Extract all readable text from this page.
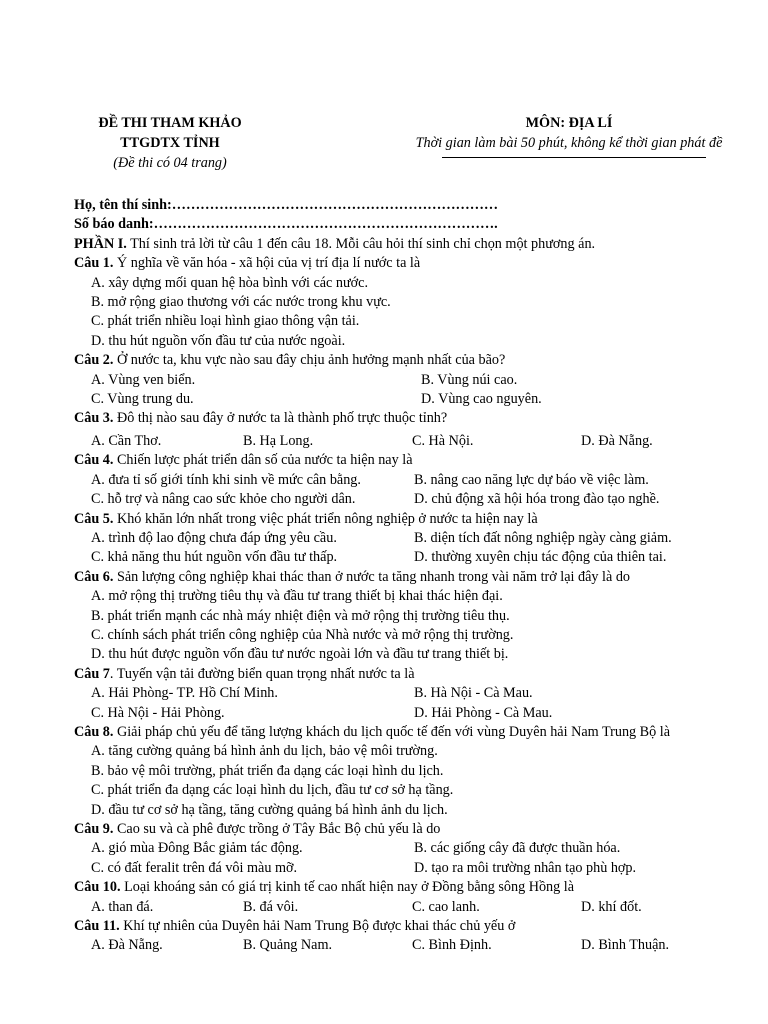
ĐỀ THI THAM KHẢO
TTGDTX TỈNH
(Đề thi có 04 trang)
MÔN: ĐỊA LÍ
Thời gian làm bài 50 phút, không kể thời gian phát đề
Họ, tên thí sinh:……………………………………………………………
Số báo danh:……………………………………………………………….
PHẦN I. Thí sinh trả lời từ câu 1 đến câu 18. Mỗi câu hỏi thí sinh chỉ chọn một phương án.
Câu 1. Ý nghĩa về văn hóa - xã hội của vị trí địa lí nước ta là
A. xây dựng mối quan hệ hòa bình với các nước.
B. mở rộng giao thương với các nước trong khu vực.
C. phát triển nhiều loại hình giao thông vận tải.
D. thu hút nguồn vốn đầu tư của nước ngoài.
Câu 2. Ở nước ta, khu vực nào sau đây chịu ảnh hưởng mạnh nhất của bão?
A. Vùng ven biển.	B. Vùng núi cao.
C. Vùng trung du.	D. Vùng cao nguyên.
Câu 3. Đô thị nào sau đây ở nước ta là thành phố trực thuộc tỉnh?
A. Cần Thơ.	B. Hạ Long.	C. Hà Nội.	D. Đà Nẵng.
Câu 4. Chiến lược phát triển dân số của nước ta hiện nay là
A. đưa tỉ số giới tính khi sinh về mức cân bằng.	B. nâng cao năng lực dự báo về việc làm.
C. hỗ trợ và nâng cao sức khỏe cho người dân.	D. chủ động xã hội hóa trong đào tạo nghề.
Câu 5. Khó khăn lớn nhất trong việc phát triển nông nghiệp ở nước ta hiện nay là
A. trình độ lao động chưa đáp ứng yêu cầu.	B. diện tích đất nông nghiệp ngày càng giảm.
C. khả năng thu hút nguồn vốn đầu tư thấp.	D. thường xuyên chịu tác động của thiên tai.
Câu 6. Sản lượng công nghiệp khai thác than ở nước ta tăng nhanh trong vài năm trở lại đây là do
A. mở rộng thị trường tiêu thụ và đầu tư trang thiết bị khai thác hiện đại.
B. phát triển mạnh các nhà máy nhiệt điện và mở rộng thị trường tiêu thụ.
C. chính sách phát triển công nghiệp của Nhà nước và mở rộng thị trường.
D. thu hút được nguồn vốn đầu tư nước ngoài lớn và đầu tư trang thiết bị.
Câu 7. Tuyến vận tải đường biển quan trọng nhất nước ta là
A. Hải Phòng- TP. Hồ Chí Minh.	B. Hà Nội - Cà Mau.
C. Hà Nội - Hải Phòng.	D. Hải Phòng - Cà Mau.
Câu 8. Giải pháp chủ yếu để tăng lượng khách du lịch quốc tế đến với vùng Duyên hải Nam Trung Bộ là
A. tăng cường quảng bá hình ảnh du lịch, bảo vệ môi trường.
B. bảo vệ môi trường, phát triển đa dạng các loại hình du lịch.
C. phát triển đa dạng các loại hình du lịch, đầu tư cơ sở hạ tầng.
D. đầu tư cơ sở hạ tầng, tăng cường quảng bá hình ảnh du lịch.
Câu 9. Cao su và cà phê được trồng ở Tây Bắc Bộ chủ yếu là do
A. gió mùa Đông Bắc giảm tác động.	B. các giống cây đã được thuần hóa.
C. có đất feralit trên đá vôi màu mỡ.	D. tạo ra môi trường nhân tạo phù hợp.
Câu 10. Loại khoáng sản có giá trị kinh tế cao nhất hiện nay ở Đồng bằng sông Hồng là
A. than đá.	B. đá vôi.	C. cao lanh.	D. khí đốt.
Câu 11. Khí tự nhiên của Duyên hải Nam Trung Bộ được khai thác chủ yếu ở
A. Đà Nẵng.	B. Quảng Nam.	C. Bình Định.	D. Bình Thuận.
